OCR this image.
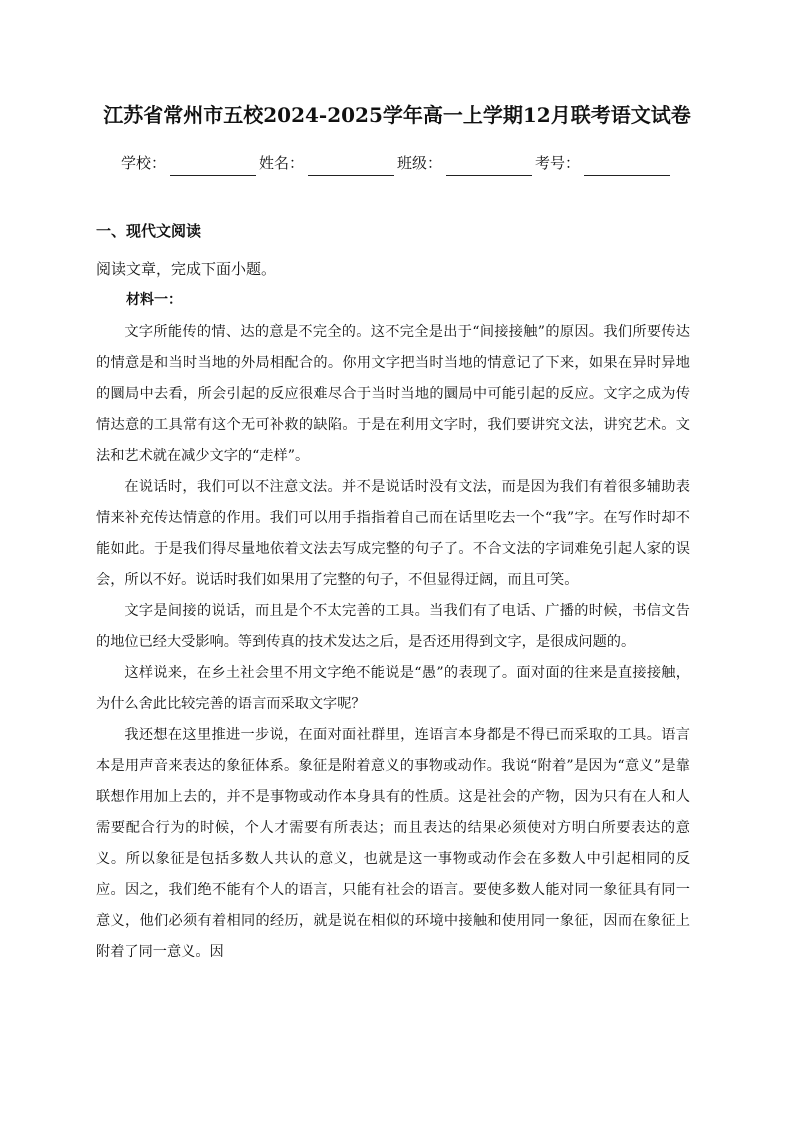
江苏省常州市五校2024-2025学年高一上学期12月联考语文试卷
学校：	姓名：	班级：	考号：
一、现代文阅读
阅读文章，完成下面小题。
材料一：

文字所能传的情、达的意是不完全的。这不完全是出于“间接接触”的原因。我们所要传达的情意是和当时当地的外局相配合的。你用文字把当时当地的情意记了下来，如果在异时异地的圜局中去看，所会引起的反应很难尽合于当时当地的圜局中可能引起的反应。文字之成为传情达意的工具常有这个无可补救的缺陷。于是在利用文字时，我们要讲究文法，讲究艺术。文法和艺术就在减少文字的“走样”。

在说话时，我们可以不注意文法。并不是说话时没有文法，而是因为我们有着很多辅助表情来补充传达情意的作用。我们可以用手指指着自己而在话里吃去一个“我”字。在写作时却不能如此。于是我们得尽量地依着文法去写成完整的句子了。不合文法的字词难免引起人家的误会，所以不好。说话时我们如果用了完整的句子，不但显得迂阔，而且可笑。

文字是间接的说话，而且是个不太完善的工具。当我们有了电话、广播的时候，书信文告的地位已经大受影响。等到传真的技术发达之后，是否还用得到文字，是很成问题的。

这样说来，在乡土社会里不用文字绝不能说是“愚”的表现了。面对面的往来是直接接触，为什么舍此比较完善的语言而采取文字呢？

我还想在这里推进一步说，在面对面社群里，连语言本身都是不得已而采取的工具。语言本是用声音来表达的象征体系。象征是附着意义的事物或动作。我说“附着”是因为“意义”是靠联想作用加上去的，并不是事物或动作本身具有的性质。这是社会的产物，因为只有在人和人需要配合行为的时候，个人才需要有所表达；而且表达的结果必须使对方明白所要表达的意义。所以象征是包括多数人共认的意义，也就是这一事物或动作会在多数人中引起相同的反应。因之，我们绝不能有个人的语言，只能有社会的语言。要使多数人能对同一象征具有同一意义，他们必须有着相同的经历，就是说在相似的环境中接触和使用同一象征，因而在象征上附着了同一意义。因
